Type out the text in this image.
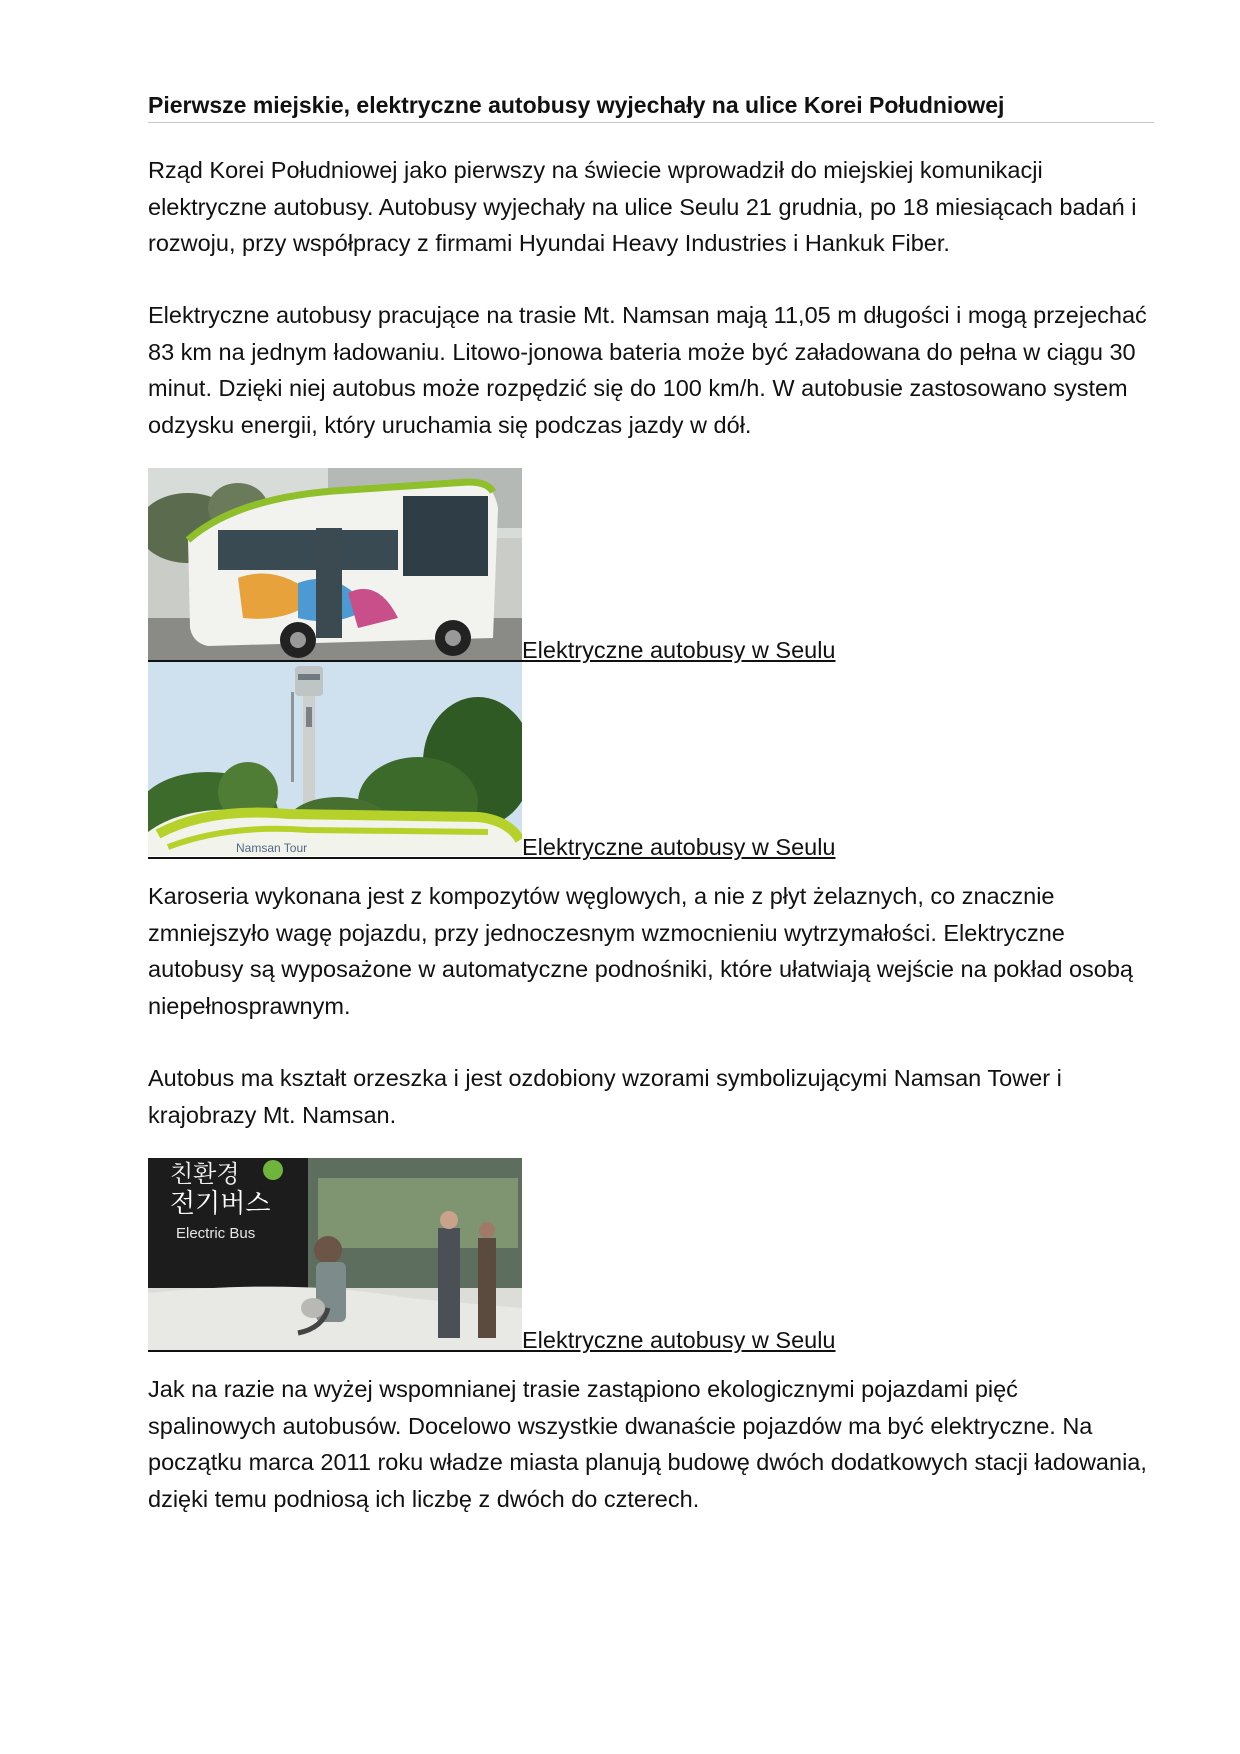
Pierwsze miejskie, elektryczne autobusy wyjechały na ulice Korei Południowej

Rząd Korei Południowej jako pierwszy na świecie wprowadził do miejskiej komunikacji elektryczne autobusy. Autobusy wyjechały na ulice Seulu 21 grudnia, po 18 miesiącach badań i rozwoju, przy współpracy z firmami Hyundai Heavy Industries i Hankuk Fiber.

Elektryczne autobusy pracujące na trasie Mt. Namsan mają 11,05 m długości i mogą przejechać 83 km na jednym ładowaniu. Litowo-jonowa bateria może być załadowana do pełna w ciągu 30 minut. Dzięki niej autobus może rozpędzić się do 100 km/h. W autobusie zastosowano system odzysku energii, który uruchamia się podczas jazdy w dół.

Elektryczne autobusy w Seulu
Namsan Tour	Elektryczne autobusy w Seulu

Karoseria wykonana jest z kompozytów węglowych, a nie z płyt żelaznych, co znacznie zmniejszyło wagę pojazdu, przy jednoczesnym wzmocnieniu wytrzymałości. Elektryczne autobusy są wyposażone w automatyczne podnośniki, które ułatwiają wejście na pokład osobą niepełnosprawnym.

Autobus ma kształt orzeszka i jest ozdobiony wzorami symbolizującymi Namsan Tower i krajobrazy Mt. Namsan.

친환경
전기버스
Electric Bus
Elektryczne autobusy w Seulu

Jak na razie na wyżej wspomnianej trasie zastąpiono ekologicznymi pojazdami pięć spalinowych autobusów. Docelowo wszystkie dwanaście pojazdów ma być elektryczne. Na początku marca 2011 roku władze miasta planują budowę dwóch dodatkowych stacji ładowania, dzięki temu podniosą ich liczbę z dwóch do czterech.
